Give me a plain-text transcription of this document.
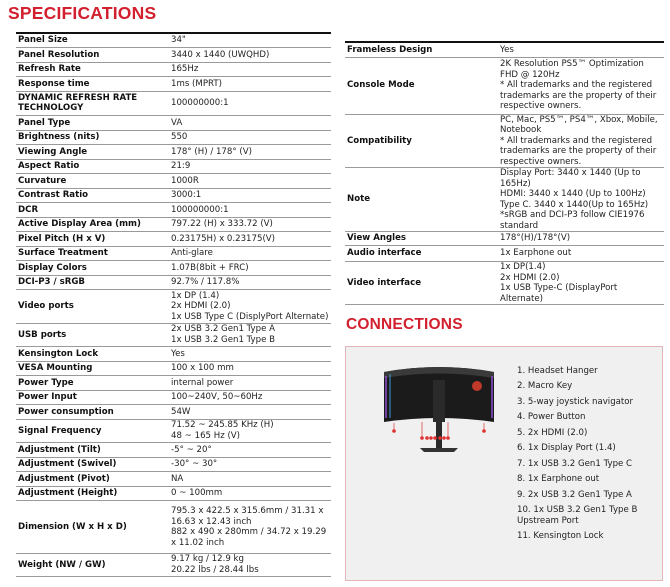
SPECIFICATIONS
Panel Size	34"
Panel Resolution	3440 x 1440 (UWQHD)
Refresh Rate	165Hz
Response time	1ms (MPRT)
DYNAMIC REFRESH RATE TECHNOLOGY	100000000:1
Panel Type	VA
Brightness (nits)	550
Viewing Angle	178° (H) / 178° (V)
Aspect Ratio	21:9
Curvature	1000R
Contrast Ratio	3000:1
DCR	100000000:1
Active Display Area (mm)	797.22 (H) x 333.72 (V)
Pixel Pitch (H x V)	0.23175H) x 0.23175(V)
Surface Treatment	Anti-glare
Display Colors	1.07B(8bit + FRC)
DCI-P3 / sRGB	92.7% / 117.8%
Video ports	1x DP (1.4)
2x HDMI (2.0)
1x USB Type C (DisplyPort Alternate)
USB ports	2x USB 3.2 Gen1 Type A
1x USB 3.2 Gen1 Type B
Kensington Lock	Yes
VESA Mounting	100 x 100 mm
Power Type	internal power
Power Input	100~240V, 50~60Hz
Power consumption	54W
Signal Frequency	71.52 ~ 245.85 KHz (H)
48 ~ 165 Hz (V)
Adjustment (Tilt)	-5° ~ 20°
Adjustment (Swivel)	-30° ~ 30°
Adjustment (Pivot)	NA
Adjustment (Height)	0 ~ 100mm
Dimension (W x H x D)	795.3 x 422.5 x 315.6mm / 31.31 x 16.63 x 12.43 inch
882 x 490 x 280mm / 34.72 x 19.29 x 11.02 inch
Weight (NW / GW)	9.17 kg / 12.9 kg
20.22 lbs / 28.44 lbs
Frameless Design	Yes
Console Mode	2K Resolution PS5™ Optimization
FHD @ 120Hz
* All trademarks and the registered trademarks are the property of their respective owners.
Compatibility	PC, Mac, PS5™, PS4™, Xbox, Mobile, Notebook
* All trademarks and the registered trademarks are the property of their respective owners.
Note	Display Port: 3440 x 1440 (Up to 165Hz)
HDMI: 3440 x 1440 (Up to 100Hz)
Type C. 3440 x 1440(Up to 165Hz)
*sRGB and DCI-P3 follow CIE1976 standard
View Angles	178°(H)/178°(V)
Audio interface	1x Earphone out
Video interface	1x DP(1.4)
2x HDMI (2.0)
1x USB Type-C (DisplayPort Alternate)
CONNECTIONS
1. Headset Hanger
2. Macro Key
3. 5-way joystick navigator
4. Power Button
5. 2x HDMI (2.0)
6. 1x Display Port (1.4)
7. 1x USB 3.2 Gen1 Type C
8. 1x Earphone out
9. 2x USB 3.2 Gen1 Type A
10. 1x USB 3.2 Gen1 Type B
Upstream Port
11. Kensington Lock
